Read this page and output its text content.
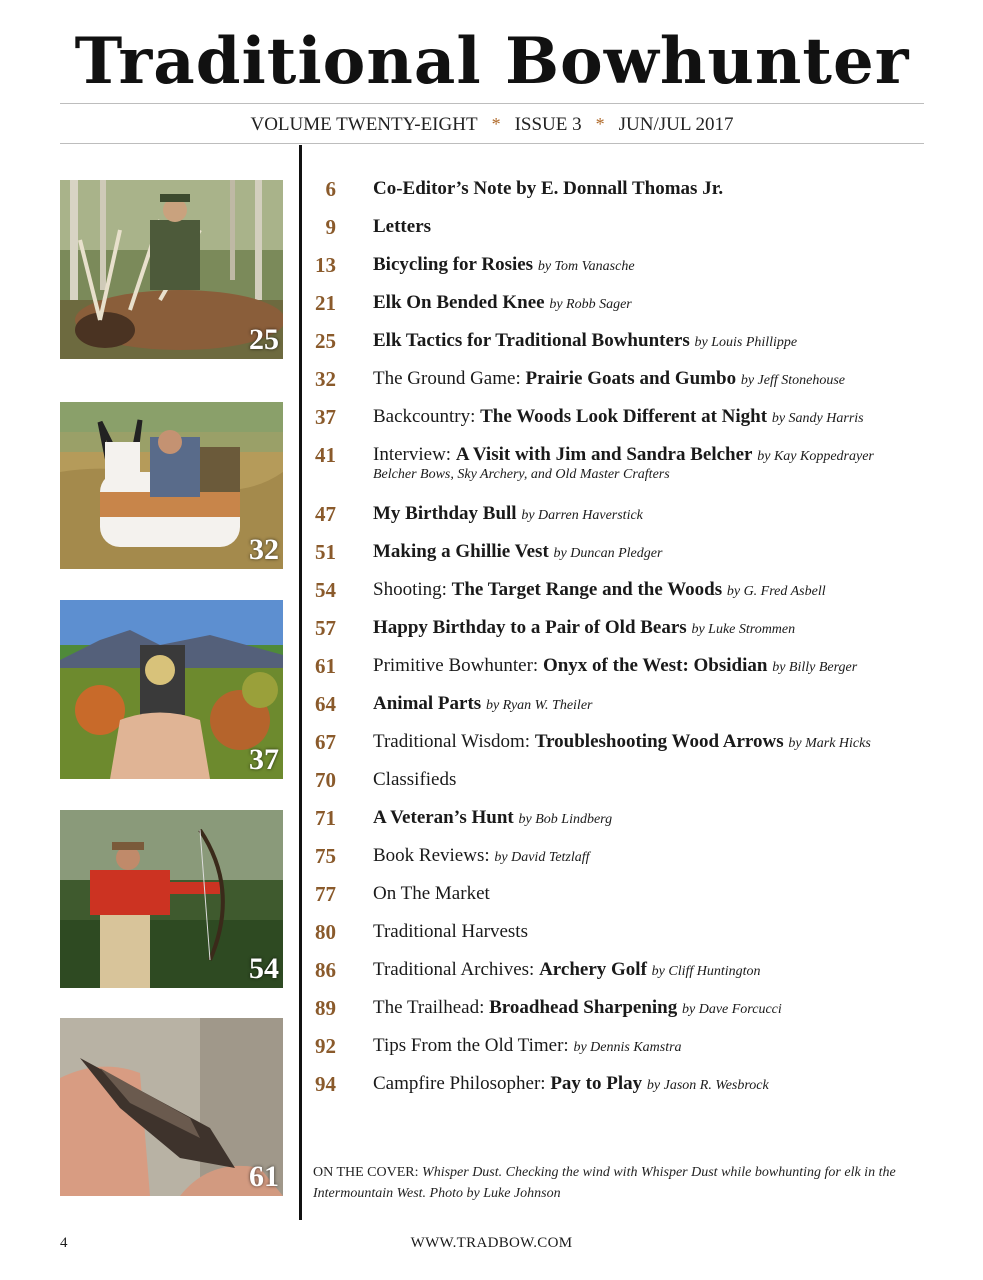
Traditional Bowhunter
VOLUME TWENTY-EIGHT * ISSUE 3 * JUN/JUL 2017
25
32
37
54
61
6 Co-Editor’s Note by E. Donnall Thomas Jr.
9 Letters
13 Bicycling for Rosies by Tom Vanasche
21 Elk On Bended Knee by Robb Sager
25 Elk Tactics for Traditional Bowhunters by Louis Phillippe
32 The Ground Game: Prairie Goats and Gumbo by Jeff Stonehouse
37 Backcountry: The Woods Look Different at Night by Sandy Harris
41 Interview: A Visit with Jim and Sandra Belcher by Kay Koppedrayer
Belcher Bows, Sky Archery, and Old Master Crafters
47 My Birthday Bull by Darren Haverstick
51 Making a Ghillie Vest by Duncan Pledger
54 Shooting: The Target Range and the Woods by G. Fred Asbell
57 Happy Birthday to a Pair of Old Bears by Luke Strommen
61 Primitive Bowhunter: Onyx of the West: Obsidian by Billy Berger
64 Animal Parts by Ryan W. Theiler
67 Traditional Wisdom: Troubleshooting Wood Arrows by Mark Hicks
70 Classifieds
71 A Veteran’s Hunt by Bob Lindberg
75 Book Reviews: by David Tetzlaff
77 On The Market
80 Traditional Harvests
86 Traditional Archives: Archery Golf by Cliff Huntington
89 The Trailhead: Broadhead Sharpening by Dave Forcucci
92 Tips From the Old Timer: by Dennis Kamstra
94 Campfire Philosopher: Pay to Play by Jason R. Wesbrock
ON THE COVER: Whisper Dust. Checking the wind with Whisper Dust while bowhunting for elk in the Intermountain West. Photo by Luke Johnson
4	WWW.TRADBOW.COM
